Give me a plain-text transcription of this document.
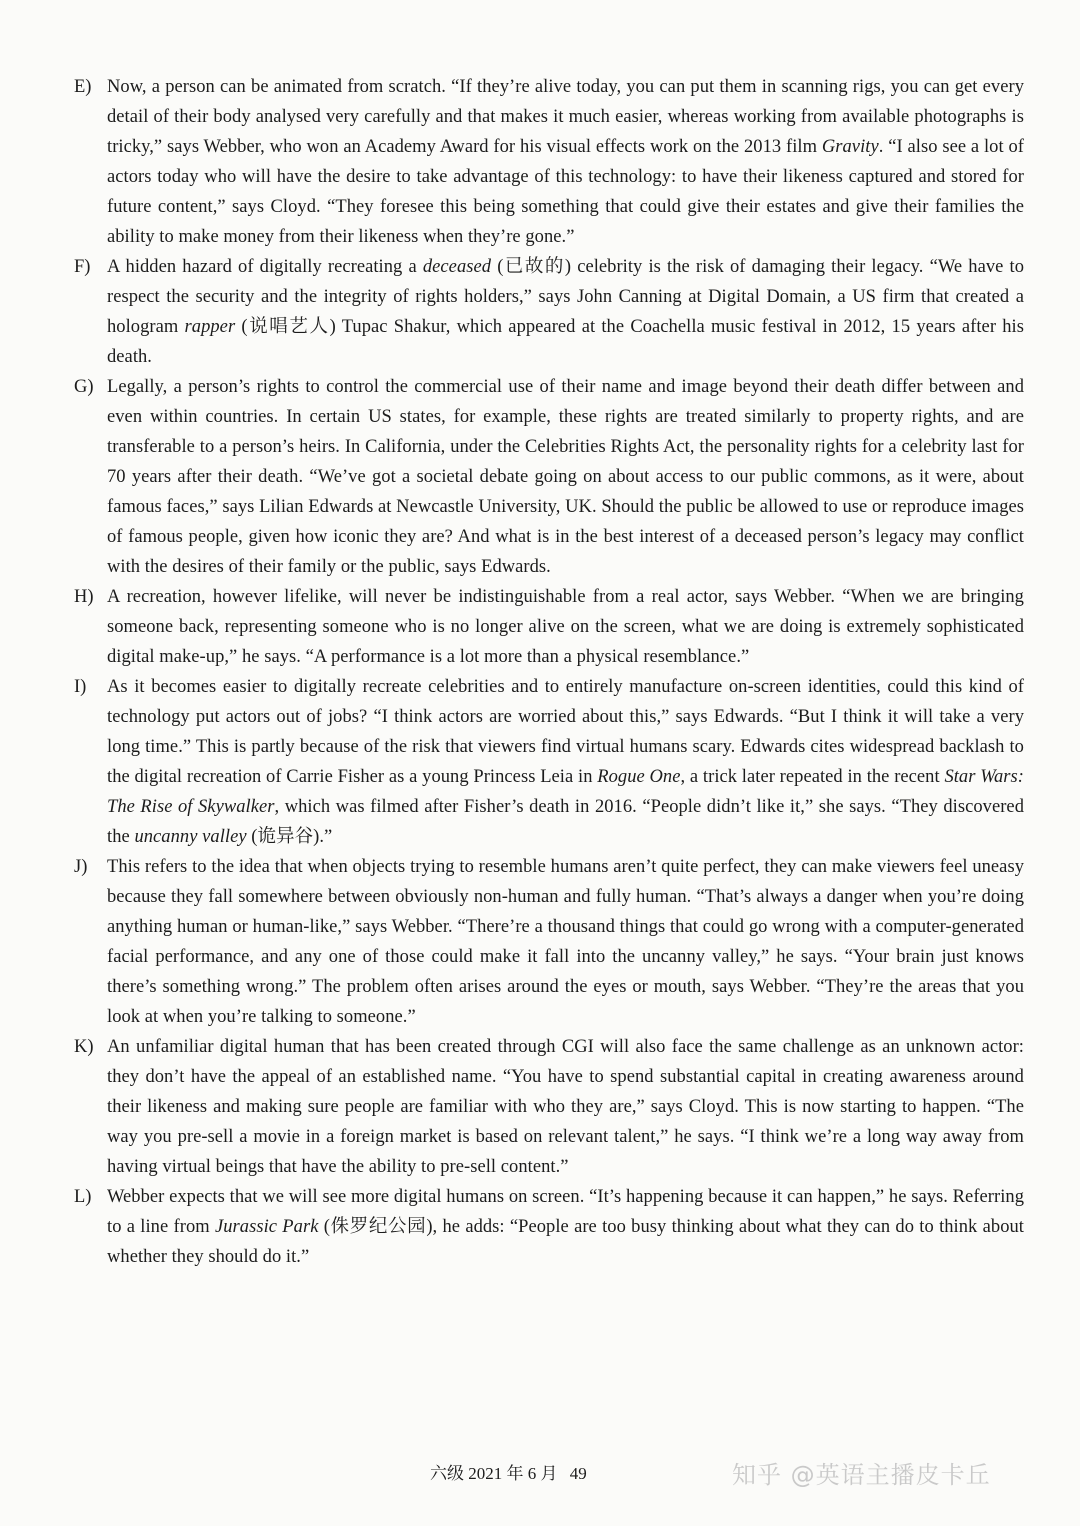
E) Now, a person can be animated from scratch. “If they’re alive today, you can put them in scanning rigs, you can get every detail of their body analysed very carefully and that makes it much easier, whereas working from available photographs is tricky,” says Webber, who won an Academy Award for his visual effects work on the 2013 film Gravity. “I also see a lot of actors today who will have the desire to take advantage of this technology: to have their likeness captured and stored for future content,” says Cloyd. “They foresee this being something that could give their estates and give their families the ability to make money from their likeness when they’re gone.”
F) A hidden hazard of digitally recreating a deceased (已故的) celebrity is the risk of damaging their legacy. “We have to respect the security and the integrity of rights holders,” says John Canning at Digital Domain, a US firm that created a hologram rapper (说唱艺人) Tupac Shakur, which appeared at the Coachella music festival in 2012, 15 years after his death.
G) Legally, a person’s rights to control the commercial use of their name and image beyond their death differ between and even within countries. In certain US states, for example, these rights are treated similarly to property rights, and are transferable to a person’s heirs. In California, under the Celebrities Rights Act, the personality rights for a celebrity last for 70 years after their death. “We’ve got a societal debate going on about access to our public commons, as it were, about famous faces,” says Lilian Edwards at Newcastle University, UK. Should the public be allowed to use or reproduce images of famous people, given how iconic they are? And what is in the best interest of a deceased person’s legacy may conflict with the desires of their family or the public, says Edwards.
H) A recreation, however lifelike, will never be indistinguishable from a real actor, says Webber. “When we are bringing someone back, representing someone who is no longer alive on the screen, what we are doing is extremely sophisticated digital make-up,” he says. “A performance is a lot more than a physical resemblance.”
I) As it becomes easier to digitally recreate celebrities and to entirely manufacture on-screen identities, could this kind of technology put actors out of jobs? “I think actors are worried about this,” says Edwards. “But I think it will take a very long time.” This is partly because of the risk that viewers find virtual humans scary. Edwards cites widespread backlash to the digital recreation of Carrie Fisher as a young Princess Leia in Rogue One, a trick later repeated in the recent Star Wars: The Rise of Skywalker, which was filmed after Fisher’s death in 2016. “People didn’t like it,” she says. “They discovered the uncanny valley (诡异谷).”
J) This refers to the idea that when objects trying to resemble humans aren’t quite perfect, they can make viewers feel uneasy because they fall somewhere between obviously non-human and fully human. “That’s always a danger when you’re doing anything human or human-like,” says Webber. “There’re a thousand things that could go wrong with a computer-generated facial performance, and any one of those could make it fall into the uncanny valley,” he says. “Your brain just knows there’s something wrong.” The problem often arises around the eyes or mouth, says Webber. “They’re the areas that you look at when you’re talking to someone.”
K) An unfamiliar digital human that has been created through CGI will also face the same challenge as an unknown actor: they don’t have the appeal of an established name. “You have to spend substantial capital in creating awareness around their likeness and making sure people are familiar with who they are,” says Cloyd. This is now starting to happen. “The way you pre-sell a movie in a foreign market is based on relevant talent,” he says. “I think we’re a long way away from having virtual beings that have the ability to pre-sell content.”
L) Webber expects that we will see more digital humans on screen. “It’s happening because it can happen,” he says. Referring to a line from Jurassic Park (侏罗纪公园), he adds: “People are too busy thinking about what they can do to think about whether they should do it.”
六级 2021 年 6 月 49	知乎 @英语主播皮卡丘
